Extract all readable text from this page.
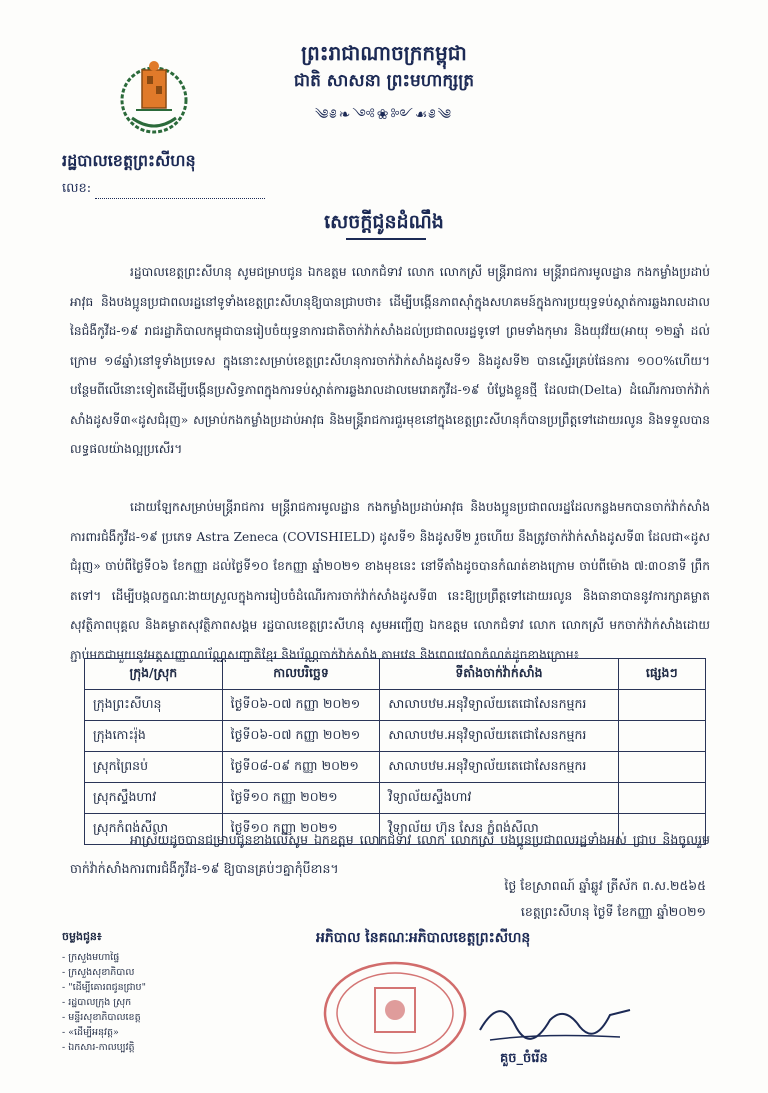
ព្រះរាជាណាចក្រកម្ពុជា
ជាតិ សាសនា ព្រះមហាក្សត្រ
༄༅❧༺❀༻☙༅༄
រដ្ឋបាលខេត្តព្រះសីហនុ
លេខ:
សេចក្តីជូនដំណឹង
រដ្ឋបាលខេត្តព្រះសីហនុ សូមជម្រាបជូន ឯកឧត្តម លោកជំទាវ លោក លោកស្រី មន្ត្រីរាជការ មន្ត្រីរាជការមូលដ្ឋាន កងកម្លាំងប្រដាប់អាវុធ និងបងប្អូនប្រជាពលរដ្ឋនៅទូទាំងខេត្តព្រះសីហនុឱ្យបានជ្រាបថា៖ ដើម្បីបង្កើនភាពស៊ាំក្នុងសហគមន៍ក្នុងការប្រយុទ្ធទប់ស្កាត់ការឆ្លងរាលដាលនៃជំងឺកូវីដ-១៩ រាជរដ្ឋាភិបាលកម្ពុជាបានរៀបចំយុទ្ធនាការជាតិចាក់វ៉ាក់សាំងដល់ប្រជាពលរដ្ឋទូទៅ ព្រមទាំងកុមារ និងយុវវ័យ(អាយុ ១២ឆ្នាំ ដល់ក្រោម ១៨ឆ្នាំ)នៅទូទាំងប្រទេស ក្នុងនោះសម្រាប់ខេត្តព្រះសីហនុការចាក់វ៉ាក់សាំងដូសទី១ និងដូសទី២ បានស្ទើរគ្រប់ផែនការ ១០០%ហើយ។ បន្ថែមពីលើនោះទៀតដើម្បីបង្កើនប្រសិទ្ធភាពក្នុងការទប់ស្កាត់ការឆ្លងរាលដាលមេរោគកូវីដ-១៩ បំប្លែងខ្លួនថ្មី ដែលជា(Delta) ដំណើរការចាក់វ៉ាក់សាំងដូសទី៣«ដូសជំរុញ» សម្រាប់កងកម្លាំងប្រដាប់អាវុធ និងមន្ត្រីរាជការជួរមុខនៅក្នុងខេត្តព្រះសីហនុក៏បានប្រព្រឹត្តទៅដោយរលូន និងទទួលបានលទ្ធផលយ៉ាងល្អប្រសើរ។
ដោយឡែកសម្រាប់មន្ត្រីរាជការ មន្ត្រីរាជការមូលដ្ឋាន កងកម្លាំងប្រដាប់អាវុធ និងបងប្អូនប្រជាពលរដ្ឋដែលកន្លងមកបានចាក់វ៉ាក់សាំងការពារជំងឺកូវីដ-១៩ ប្រភេទ Astra Zeneca (COVISHIELD) ដូសទី១ និងដូសទី២ រួចហើយ នឹងត្រូវចាក់វ៉ាក់សាំងដូសទី៣ ដែលជា«ដូសជំរុញ» ចាប់ពីថ្ងៃទី០៦ ខែកញ្ញា ដល់ថ្ងៃទី១០ ខែកញ្ញា ឆ្នាំ២០២១ ខាងមុខនេះ នៅទីតាំងដូចបានកំណត់ខាងក្រោម ចាប់ពីម៉ោង ៧:៣០នាទី ព្រឹក តទៅ។ ដើម្បីបង្កលក្ខណៈងាយស្រួលក្នុងការរៀបចំដំណើរការចាក់វ៉ាក់សាំងដូសទី៣ នេះឱ្យប្រព្រឹត្តទៅដោយរលូន និងធានាបាននូវការក្សាគម្លាតសុវត្ថិភាពបុគ្គល និងគម្លាតសុវត្ថិភាពសង្គម រដ្ឋបាលខេត្តព្រះសីហនុ សូមអញ្ជើញ ឯកឧត្តម លោកជំទាវ លោក លោកស្រី មកចាក់វ៉ាក់សាំងដោយភ្ជាប់មកជាមួយនូវអត្តសញ្ញាណប័ណ្ណសញ្ជាតិខ្មែរ និងប័ណ្ណចាក់វ៉ាក់សាំង តាមវេន និងពេលវេលាកំណត់ដូចខាងក្រោម៖
ក្រុង/ស្រុក	កាលបរិច្ឆេទ	ទីតាំងចាក់វ៉ាក់សាំង	ផ្សេងៗ
ក្រុងព្រះសីហនុ	ថ្ងៃទី០៦-០៧ កញ្ញា ២០២១	សាលាបឋម.អនុវិទ្យាល័យតេជោសែនកម្មករ	
ក្រុងកោះរ៉ុង	ថ្ងៃទី០៦-០៧ កញ្ញា ២០២១	សាលាបឋម.អនុវិទ្យាល័យតេជោសែនកម្មករ	
ស្រុកព្រៃនប់	ថ្ងៃទី០៨-០៩ កញ្ញា ២០២១	សាលាបឋម.អនុវិទ្យាល័យតេជោសែនកម្មករ	
ស្រុកស្ទឹងហាវ	ថ្ងៃទី១០ កញ្ញា ២០២១	វិទ្យាល័យស្ទឹងហាវ	
ស្រុកកំពង់សីលា	ថ្ងៃទី១០ កញ្ញា ២០២១	វិទ្យាល័យ ហ៊ុន សែន កំពង់សីលា	
អាស្រ័យដូចបានជម្រាបជូនខាងលើសូម ឯកឧត្តម លោកជំទាវ លោក លោកស្រី បងប្អូនប្រជាពលរដ្ឋទាំងអស់ ជ្រាប និងចូលរួមចាក់វ៉ាក់សាំងការពារជំងឺកូវីដ-១៩ ឱ្យបានគ្រប់ៗគ្នាកុំបីខាន។
ថ្ងៃ ខែស្រាពណ៍ ឆ្នាំឆ្លូវ ត្រីស័ក ព.ស.២៥៦៥
ខេត្តព្រះសីហនុ ថ្ងៃទី ខែកញ្ញា ឆ្នាំ២០២១
អភិបាល នៃគណៈអភិបាលខេត្តព្រះសីហនុ
ចម្លងជូន៖
- ក្រសួងមហាផ្ទៃ
- ក្រសួងសុខាភិបាល
- "ដើម្បីគោរពជូនជ្រាប"
- រដ្ឋបាលក្រុង ស្រុក
- មន្ទីរសុខាភិបាលខេត្ត
- «ដើម្បីអនុវត្ត»
- ឯកសារ-កាលប្បវត្តិ
គួច_ចំរើន
